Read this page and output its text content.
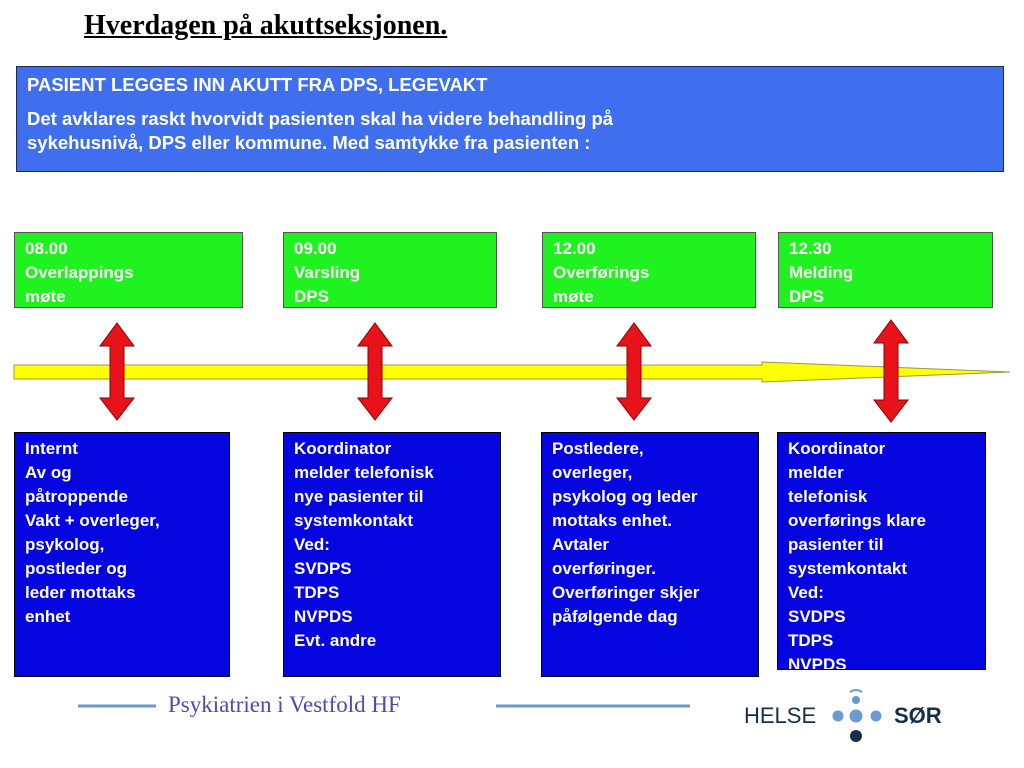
Hverdagen på akuttseksjonen.

PASIENT LEGGES INN AKUTT FRA DPS, LEGEVAKT

Det avklares raskt hvorvidt pasienten skal ha videre behandling på
sykehusnivå, DPS eller kommune. Med samtykke fra pasienten :

08.00
Overlappings
møte
09.00
Varsling
DPS
12.00
Overførings
møte
12.30
Melding
DPS
Internt
Av og
påtroppende
Vakt + overleger,
psykolog,
postleder og
leder mottaks
enhet
Koordinator
melder telefonisk
nye pasienter til
systemkontakt
Ved:
SVDPS
TDPS
NVPDS
Evt. andre
Postledere,
overleger,
psykolog og leder
mottaks enhet.
Avtaler
overføringer.
Overføringer skjer
påfølgende dag
Koordinator
melder
telefonisk
overførings klare
pasienter til
systemkontakt
Ved:
SVDPS
TDPS
NVPDS
Psykiatrien i Vestfold HF	HELSE	SØR
